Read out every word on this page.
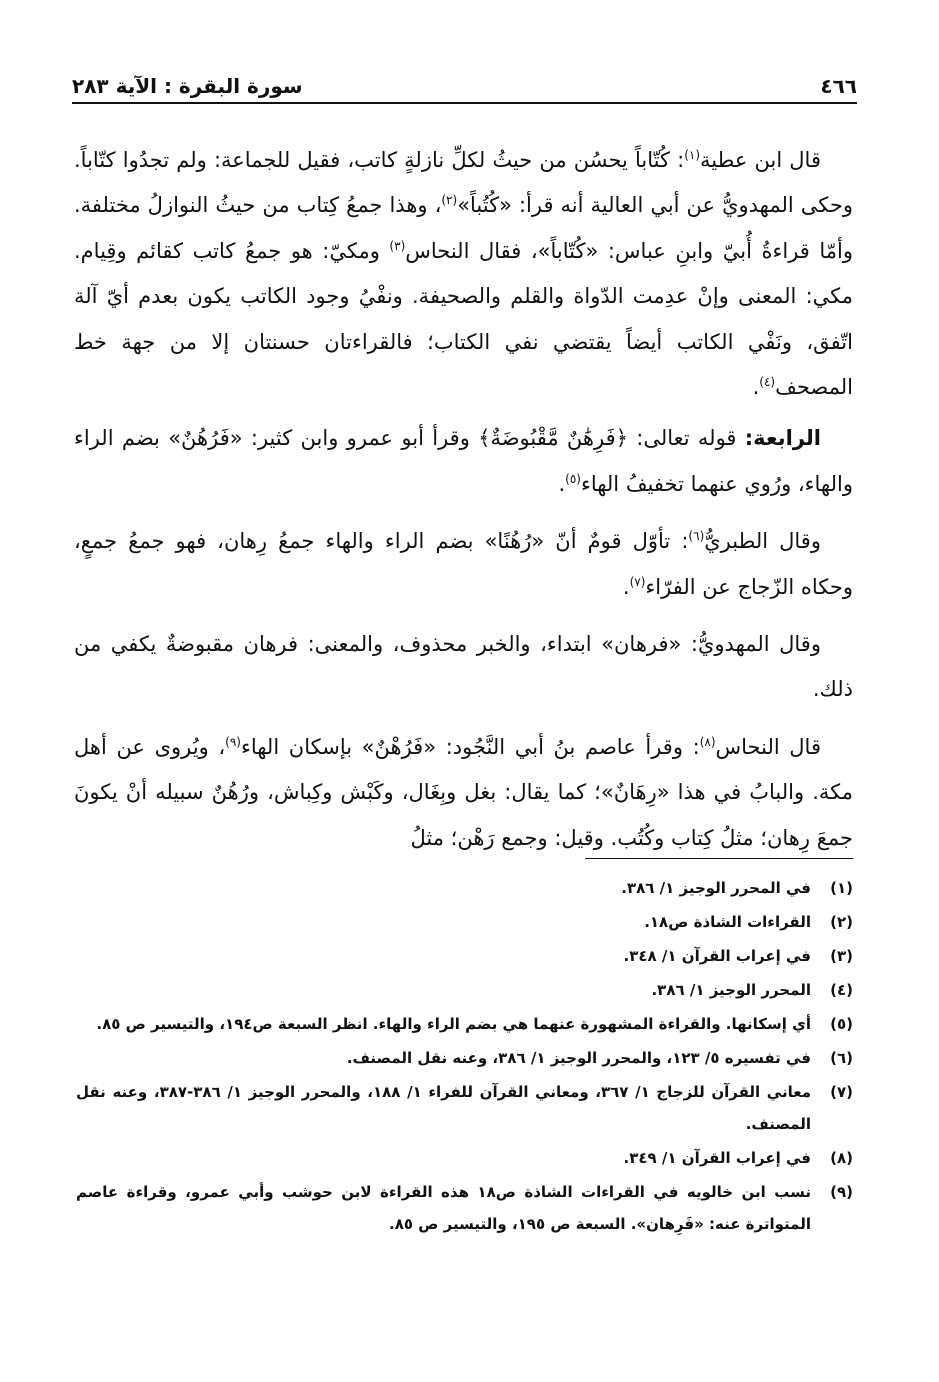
٤٦٦
سورة البقرة : الآية ٢٨٣

قال ابن عطية$^{(١)}$: كُتّاباً يحسُن من حيثُ لكلِّ نازلةٍ كاتب، فقيل للجماعة: ولم تجدُوا كتّاباً. وحكى المهدويُّ عن أبي العالية أنه قرأ: «كُتُباً»$^{(٢)}$، وهذا جمعُ كِتاب من حيثُ النوازلُ مختلفة. وأمّا قراءةُ أُبيّ وابنِ عباس: «كُتّاباً»، فقال النحاس$^{(٣)}$ ومكيّ: هو جمعُ كاتب كقائم وقِيام. مكي: المعنى وإنْ عدِمت الدّواة والقلم والصحيفة. ونفْيُ وجود الكاتب يكون بعدم أيّ آلة اتّفق، ونَفْي الكاتب أيضاً يقتضي نفي الكتاب؛ فالقراءتان حسنتان إلا من جهة خط المصحف$^{(٤)}$.

الرابعة: قوله تعالى: ﴿فَرِهَٰنٌ مَّقْبُوضَةٌ﴾ وقرأ أبو عمرو وابن كثير: «فَرُهُنٌ» بضم الراء والهاء، ورُوي عنهما تخفيفُ الهاء$^{(٥)}$.

وقال الطبريُّ$^{(٦)}$: تأوّل قومٌ أنّ «رُهُنًا» بضم الراء والهاء جمعُ رِهان، فهو جمعُ جمعٍ، وحكاه الزّجاج عن الفرّاء$^{(٧)}$.

وقال المهدويُّ: «فرهان» ابتداء، والخبر محذوف، والمعنى: فرهان مقبوضةٌ يكفي من ذلك.

قال النحاس$^{(٨)}$: وقرأ عاصم بنُ أبي النَّجُود: «فَرُهْنٌ» بإسكان الهاء$^{(٩)}$، ويُروى عن أهل مكة. والبابُ في هذا «رِهَانٌ»؛ كما يقال: بغل وبِغَال، وكَبْش وكِباش، ورُهُنٌ سبيله أنْ يكونَ جمعَ رِهان؛ مثلُ كِتاب وكُتُب. وقيل: وجمع رَهْن؛ مثلُ

(١)
في المحرر الوجيز ١/ ٣٨٦.
(٢)
القراءات الشاذة ص١٨.
(٣)
في إعراب القرآن ١/ ٣٤٨.
(٤)
المحرر الوجيز ١/ ٣٨٦.
(٥)
أي إسكانها. والقراءة المشهورة عنهما هي بضم الراء والهاء. انظر السبعة ص١٩٤، والتيسير ص ٨٥.
(٦)
في تفسيره ٥/ ١٢٣، والمحرر الوجيز ١/ ٣٨٦، وعنه نقل المصنف.
(٧)
معاني القرآن للزجاج ١/ ٣٦٧، ومعاني القرآن للفراء ١/ ١٨٨، والمحرر الوجيز ١/ ٣٨٦-٣٨٧، وعنه نقل المصنف.
(٨)
في إعراب القرآن ١/ ٣٤٩.
(٩)
نسب ابن خالويه في القراءات الشاذة ص١٨ هذه القراءة لابن حوشب وأبي عمرو، وقراءة عاصم المتواترة عنه: «فَرِهان». السبعة ص ١٩٥، والتيسير ص ٨٥.
